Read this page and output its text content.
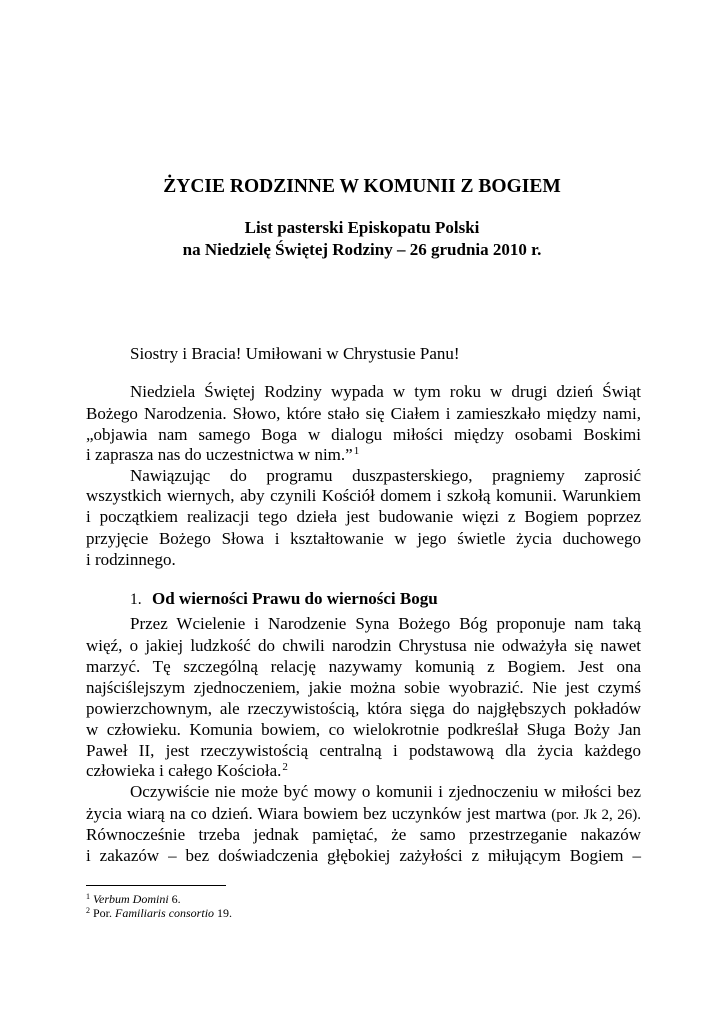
ŻYCIE RODZINNE W KOMUNII Z BOGIEM
List pasterski Episkopatu Polski
na Niedzielę Świętej Rodziny – 26 grudnia 2010 r.
Siostry i Bracia! Umiłowani w Chrystusie Panu!
Niedziela Świętej Rodziny wypada w tym roku w drugi dzień Świąt
Bożego Narodzenia. Słowo, które stało się Ciałem i zamieszkało między nami,
„objawia nam samego Boga w dialogu miłości między osobami Boskimi
i zaprasza nas do uczestnictwa w nim.”$^1$
Nawiązując do programu duszpasterskiego, pragniemy zaprosić
wszystkich wiernych, aby czynili Kościół domem i szkołą komunii. Warunkiem
i początkiem realizacji tego dzieła jest budowanie więzi z Bogiem poprzez
przyjęcie Bożego Słowa i kształtowanie w jego świetle życia duchowego
i rodzinnego.
1. Od wierności Prawu do wierności Bogu
Przez Wcielenie i Narodzenie Syna Bożego Bóg proponuje nam taką
więź, o jakiej ludzkość do chwili narodzin Chrystusa nie odważyła się nawet
marzyć. Tę szczególną relację nazywamy komunią z Bogiem. Jest ona
najściślejszym zjednoczeniem, jakie można sobie wyobrazić. Nie jest czymś
powierzchownym, ale rzeczywistością, która sięga do najgłębszych pokładów
w człowieku. Komunia bowiem, co wielokrotnie podkreślał Sługa Boży Jan
Paweł II, jest rzeczywistością centralną i podstawową dla życia każdego
człowieka i całego Kościoła.$^2$
Oczywiście nie może być mowy o komunii i zjednoczeniu w miłości bez
życia wiarą na co dzień. Wiara bowiem bez uczynków jest martwa (por. Jk 2, 26).
Równocześnie trzeba jednak pamiętać, że samo przestrzeganie nakazów
i zakazów – bez doświadczenia głębokiej zażyłości z miłującym Bogiem –
$^1$ Verbum Domini 6.
$^2$ Por. Familiaris consortio 19.
